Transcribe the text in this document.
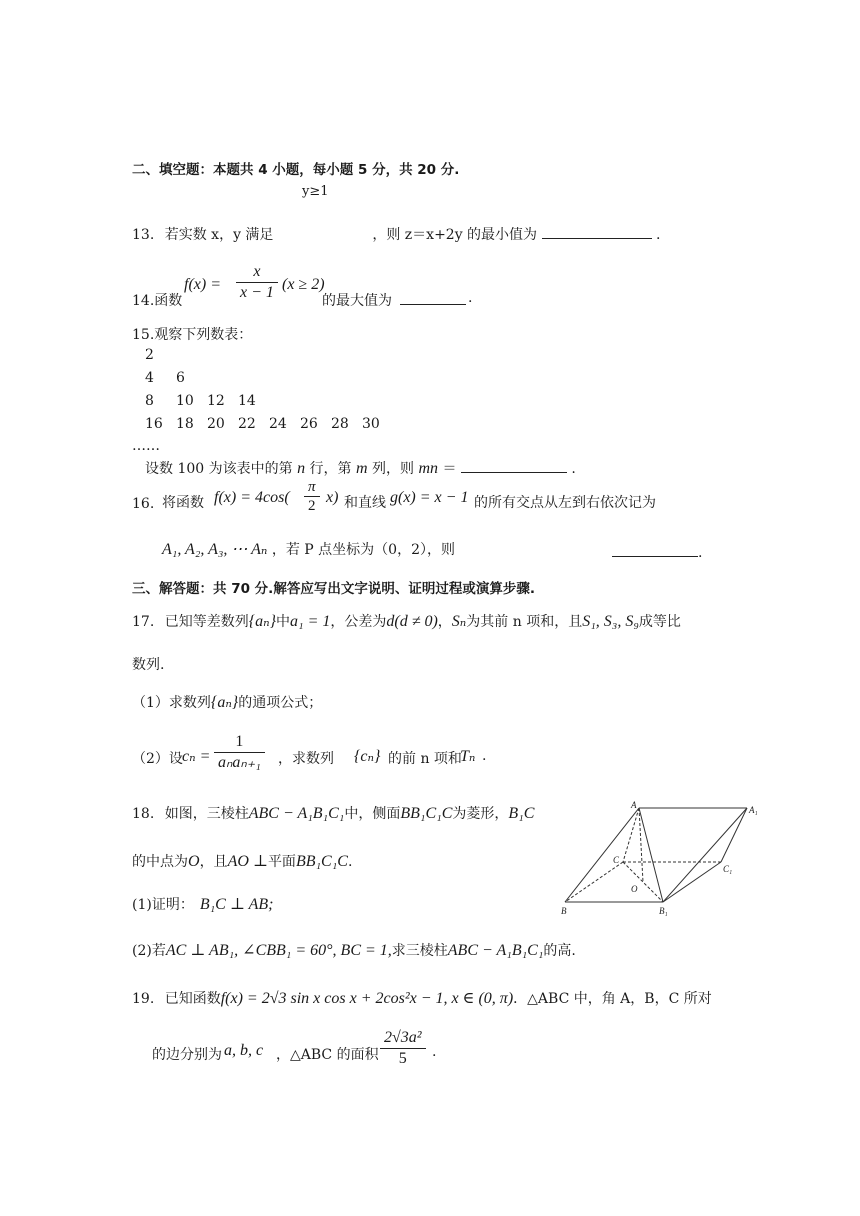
二、填空题：本题共 4 小题，每小题 5 分，共 20 分.
y≥1
13. 若实数 x，y 满足	，则 z＝x+2y 的最小值为	.
14.函数
$f(x) = \frac{x}{x - 1} (x \ge 2)$
的最大值为	.
15.观察下列数表：
2
4 6
8 10 12 14
16 18 20 22 24 26 28 30
……
设数 100 为该表中的第 n 行，第 m 列，则 mn ＝	.
16. 将函数 $f(x) = 4\cos( \frac{\pi}{2} x)$ 和直线 g(x) = x − 1 的所有交点从左到右依次记为
A₁, A₂, A₃, ⋯ Aₙ ，若 P 点坐标为（0，2），则	.
三、解答题：共 70 分.解答应写出文字说明、证明过程或演算步骤.
17. 已知等差数列{aₙ}中a₁ = 1，公差为d(d ≠ 0)，Sₙ为其前 n 项和，且S₁, S₃, S₉成等比
数列.
（1）求数列{aₙ}的通项公式；
（2）设 cₙ =
1
aₙaₙ₊₁ ，求数列 {cₙ} 的前 n 项和
Tₙ .
18. 如图，三棱柱ABC − A₁B₁C₁中，侧面BB₁C₁C为菱形，B₁C
的中点为O，且AO ⊥平面BB₁C₁C.
(1)证明： B₁C ⊥ AB;
(2)若AC ⊥ AB₁, ∠CBB₁ = 60°, BC = 1,求三棱柱ABC − A₁B₁C₁的高.
A	A₁
C
C₁
O
B	B₁
19. 已知函数f(x) = 2√3 sin x cos x + 2cos²x − 1, x ∈ (0, π)．△ABC 中，角 A，B，C 所对
的边分别为 a, b, c ，△ABC 的面积 $\frac{\text{2√3a²}}{5}$ .
